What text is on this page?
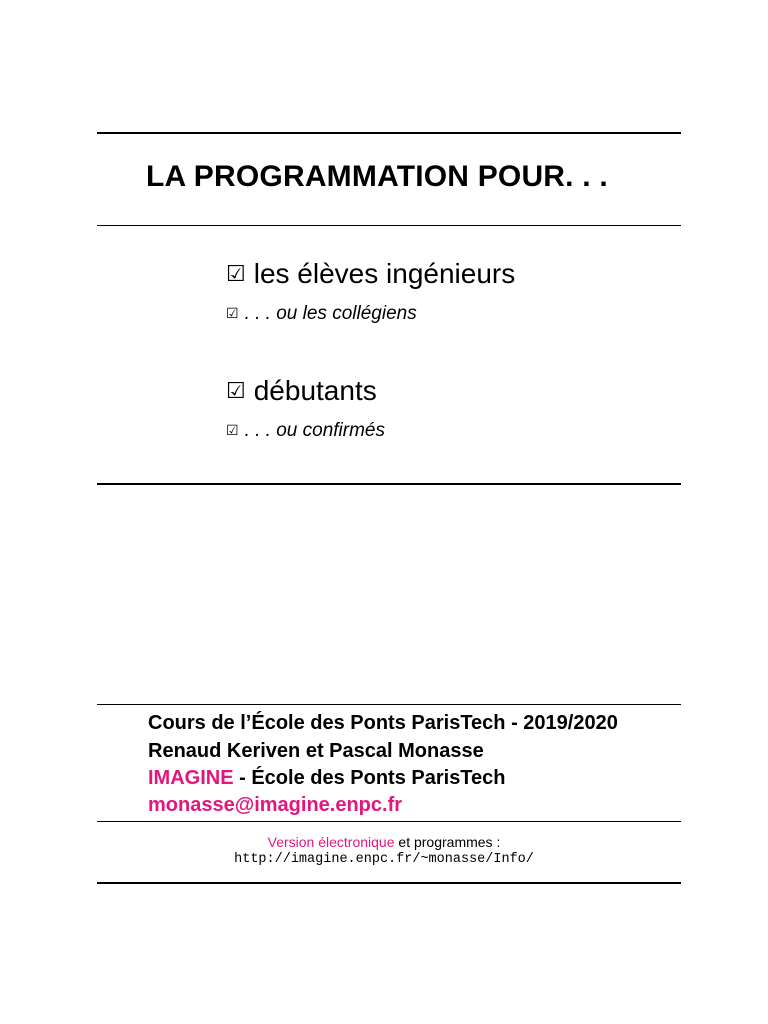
LA PROGRAMMATION POUR. . .
☑ les élèves ingénieurs
☑ . . . ou les collégiens
☑ débutants
☑ . . . ou confirmés
Cours de l’École des Ponts ParisTech - 2019/2020
Renaud Keriven et Pascal Monasse
IMAGINE - École des Ponts ParisTech
monasse@imagine.enpc.fr
Version électronique et programmes :
http://imagine.enpc.fr/~monasse/Info/
